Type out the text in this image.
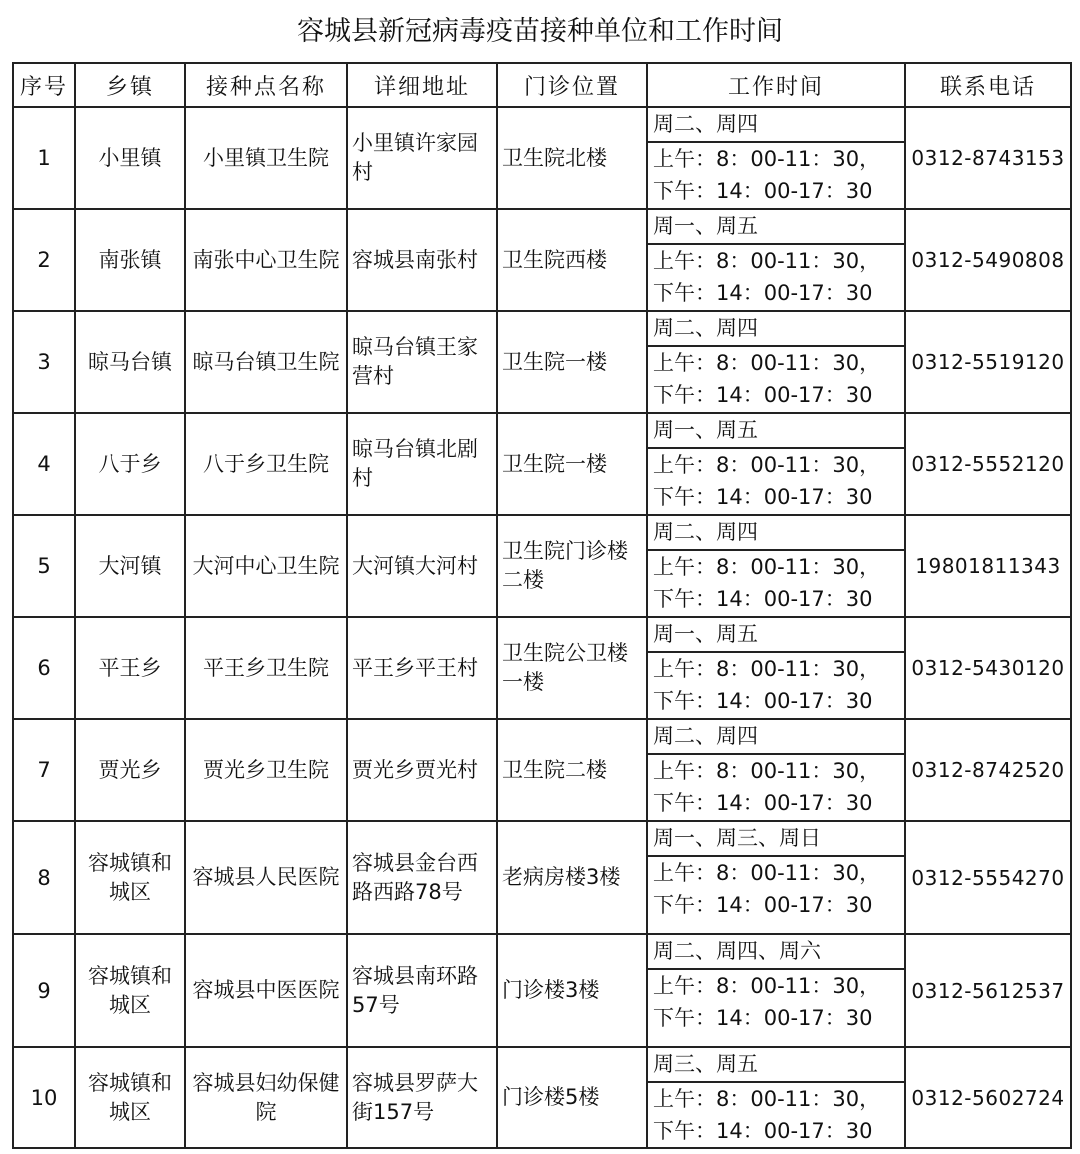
容城县新冠病毒疫苗接种单位和工作时间
序号	乡镇	接种点名称	详细地址	门诊位置	工作时间	联系电话
1	小里镇	小里镇卫生院	小里镇许家园村	卫生院北楼	周二、周四
上午：8：00-11：30，
下午：14：00-17：30	0312-8743153
2	南张镇	南张中心卫生院	容城县南张村	卫生院西楼	周一、周五
上午：8：00-11：30，
下午：14：00-17：30	0312-5490808
3	晾马台镇	晾马台镇卫生院	晾马台镇王家营村	卫生院一楼	周二、周四
上午：8：00-11：30，
下午：14：00-17：30	0312-5519120
4	八于乡	八于乡卫生院	晾马台镇北剧村	卫生院一楼	周一、周五
上午：8：00-11：30，
下午：14：00-17：30	0312-5552120
5	大河镇	大河中心卫生院	大河镇大河村	卫生院门诊楼二楼	周二、周四
上午：8：00-11：30，
下午：14：00-17：30	19801811343
6	平王乡	平王乡卫生院	平王乡平王村	卫生院公卫楼一楼	周一、周五
上午：8：00-11：30，
下午：14：00-17：30	0312-5430120
7	贾光乡	贾光乡卫生院	贾光乡贾光村	卫生院二楼	周二、周四
上午：8：00-11：30，
下午：14：00-17：30	0312-8742520
8	容城镇和城区	容城县人民医院	容城县金台西路西路78号	老病房楼3楼	周一、周三、周日
上午：8：00-11：30，
下午：14：00-17：30	0312-5554270
9	容城镇和城区	容城县中医医院	容城县南环路57号	门诊楼3楼	周二、周四、周六
上午：8：00-11：30，
下午：14：00-17：30	0312-5612537
10	容城镇和城区	容城县妇幼保健院	容城县罗萨大街157号	门诊楼5楼	周三、周五
上午：8：00-11：30，
下午：14：00-17：30	0312-5602724
